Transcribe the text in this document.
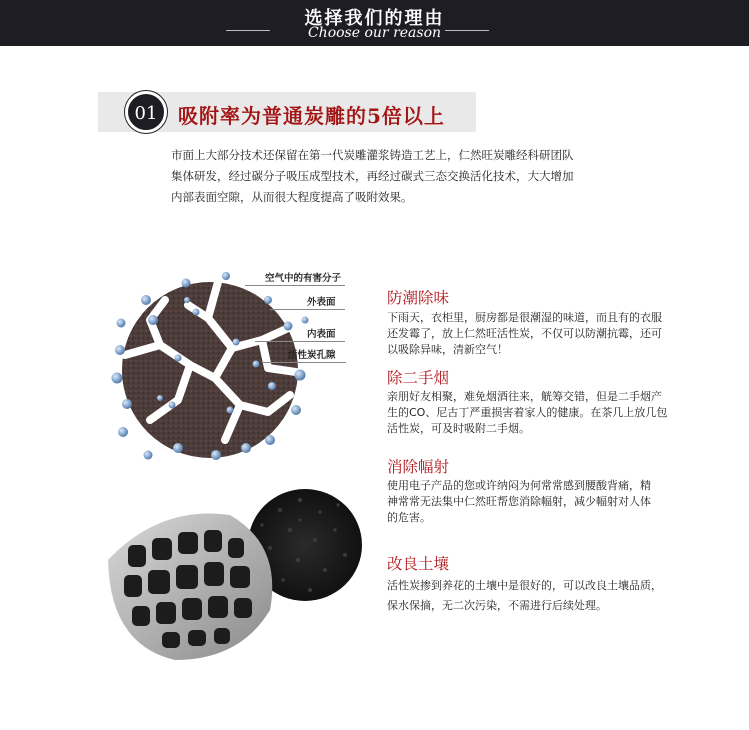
选择我们的理由
Choose our reason
01	吸附率为普通炭雕的5倍以上
市面上大部分技术还保留在第一代炭雕灌浆铸造工艺上，仁然旺炭雕经科研团队
集体研发，经过碳分子吸压成型技术，再经过碳式三态交换活化技术，大大增加
内部表面空隙，从而很大程度提高了吸附效果。
空气中的有害分子
外表面
内表面
活性炭孔隙
防潮除味
下雨天，衣柜里，厨房都是很潮湿的味道，而且有的衣服
还发霉了，放上仁然旺活性炭，不仅可以防潮抗霉，还可
以吸除异味，清新空气！
除二手烟
亲朋好友相聚，难免烟酒往来，觥筹交错，但是二手烟产
生的CO、尼古丁严重损害着家人的健康。在茶几上放几包
活性炭，可及时吸附二手烟。
消除幅射
使用电子产品的您或许纳闷为何常常感到腰酸背痛，精
神常常无法集中仁然旺帮您消除幅射，减少幅射对人体
的危害。
改良土壤
活性炭掺到养花的土壤中是很好的，可以改良土壤品质，
保水保摘，无二次污染，不需进行后续处理。
